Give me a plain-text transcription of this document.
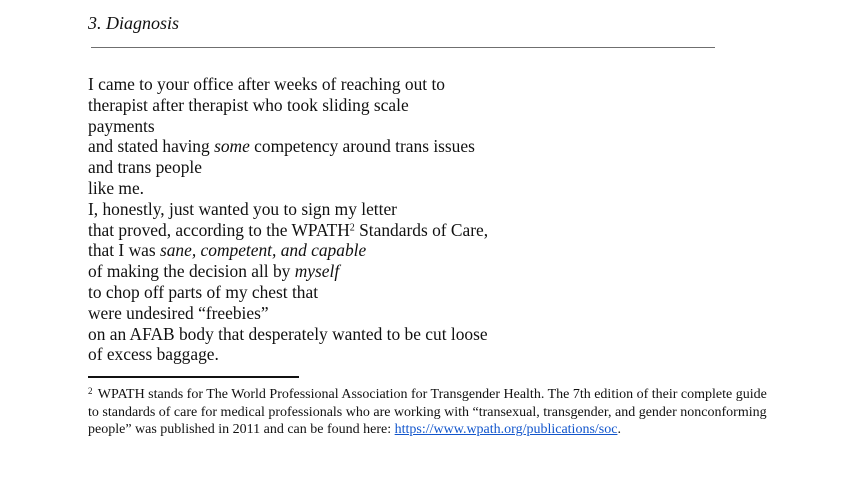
3. Diagnosis
I came to your office after weeks of reaching out to
therapist after therapist who took sliding scale
payments
and stated having some competency around trans issues
and trans people
like me.
I, honestly, just wanted you to sign my letter
that proved, according to the WPATH$^2$ Standards of Care,
that I was sane, competent, and capable
of making the decision all by myself
to chop off parts of my chest that
were undesired “freebies”
on an AFAB body that desperately wanted to be cut loose
of excess baggage.
$^2$ WPATH stands for The World Professional Association for Transgender Health. The 7th edition of their complete guide to standards of care for medical professionals who are working with “transexual, transgender, and gender nonconforming people” was published in 2011 and can be found here: https://www.wpath.org/publications/soc.
